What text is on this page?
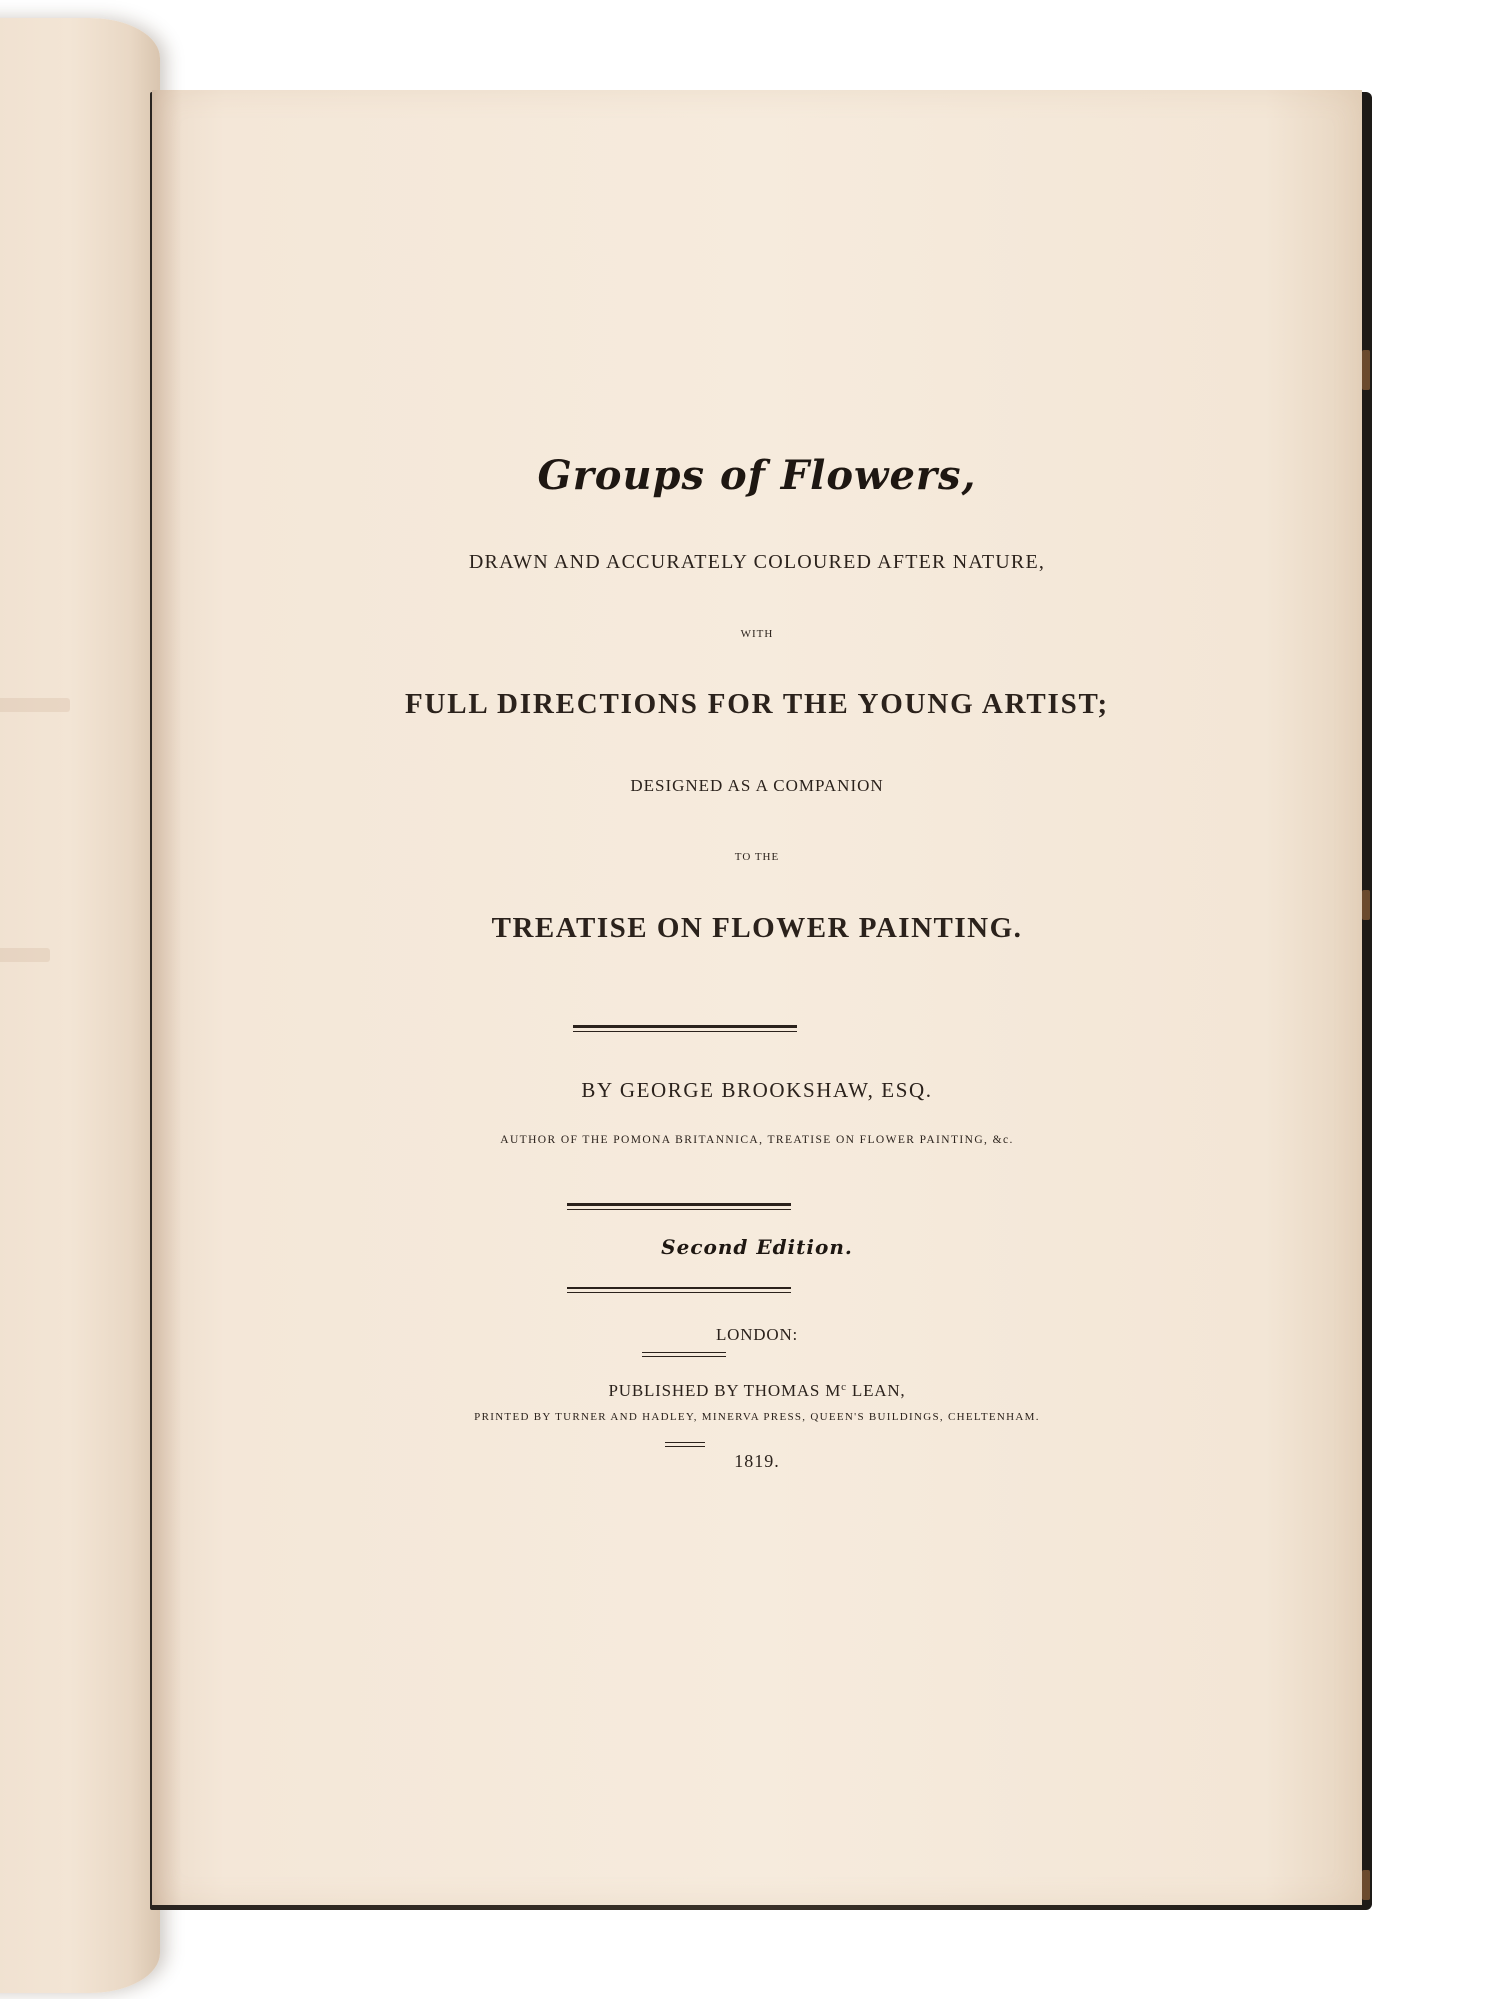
Groups of Flowers,
DRAWN AND ACCURATELY COLOURED AFTER NATURE,
WITH
FULL DIRECTIONS FOR THE YOUNG ARTIST;
DESIGNED AS A COMPANION
TO THE
TREATISE ON FLOWER PAINTING.
BY GEORGE BROOKSHAW, ESQ.
AUTHOR OF THE POMONA BRITANNICA, TREATISE ON FLOWER PAINTING, &c.
Second Edition.
LONDON:
PUBLISHED BY THOMAS $M^c$ LEAN,
PRINTED BY TURNER AND HADLEY, MINERVA PRESS, QUEEN'S BUILDINGS, CHELTENHAM.
1819.
